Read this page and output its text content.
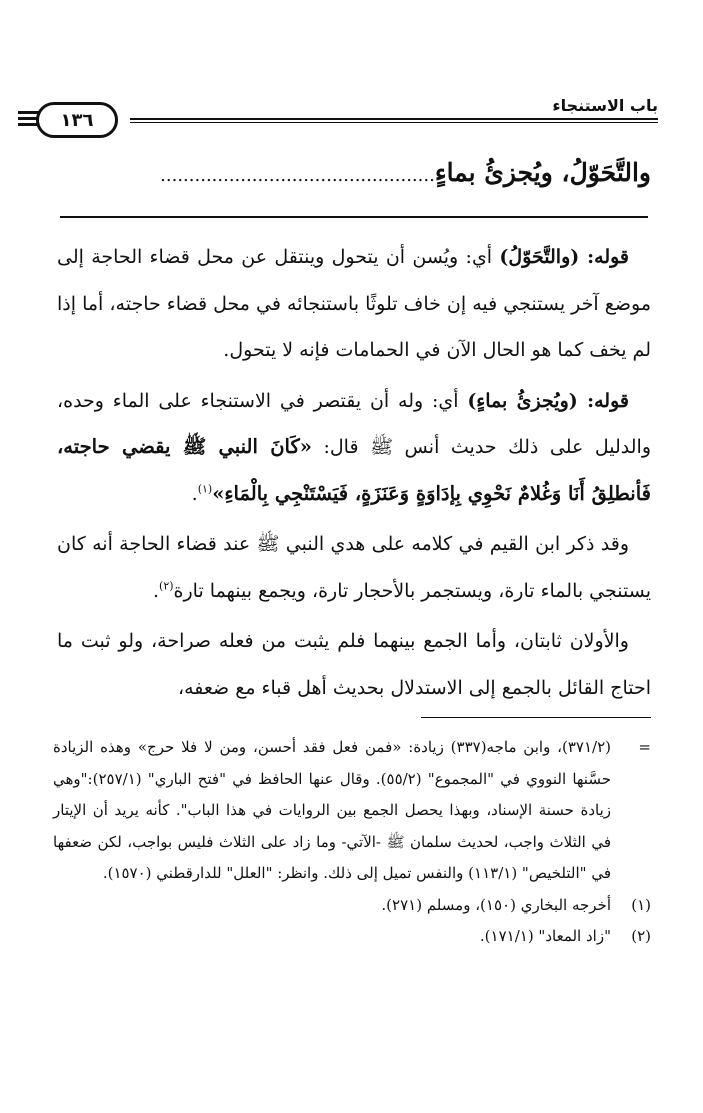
١٣٦
باب الاستنجاء
والتَّحَوّلُ، ويُجزئُ بماءٍ................................................

قوله: (والتَّحَوّلُ) أي: ويُسن أن يتحول وينتقل عن محل قضاء الحاجة إلى موضع آخر يستنجي فيه إن خاف تلوثًا باستنجائه في محل قضاء حاجته، أما إذا لم يخف كما هو الحال الآن في الحمامات فإنه لا يتحول.

قوله: (ويُجزئُ بماءٍ) أي: وله أن يقتصر في الاستنجاء على الماء وحده، والدليل على ذلك حديث أنس ﷺ قال: «كَانَ النبي ﷺ يقضي حاجته، فَأنطلِقُ أَنَا وَغُلامٌ نَحْوِي بِإدَاوَةٍ وَعَنَزَةٍ، فَيَسْتَنْجِي بِالْمَاءِ»$^{(١)}$.

وقد ذكر ابن القيم في كلامه على هدي النبي ﷺ عند قضاء الحاجة أنه كان يستنجي بالماء تارة، ويستجمر بالأحجار تارة، ويجمع بينهما تارة$^{(٢)}$.

والأولان ثابتان، وأما الجمع بينهما فلم يثبت من فعله صراحة، ولو ثبت ما احتاج القائل بالجمع إلى الاستدلال بحديث أهل قباء مع ضعفه،

=
(٣٧١/٢)، وابن ماجه(٣٣٧) زيادة: «فمن فعل فقد أحسن، ومن لا فلا حرج» وهذه الزيادة حسَّنها النووي في "المجموع" (٥٥/٢). وقال عنها الحافظ في "فتح الباري" (٢٥٧/١):"وهي زيادة حسنة الإسناد، وبهذا يحصل الجمع بين الروايات في هذا الباب". كأنه يريد أن الإيتار في الثلاث واجب، لحديث سلمان ﷺ -الآتي- وما زاد على الثلاث فليس بواجب، لكن ضعفها في "التلخيص" (١١٣/١) والنفس تميل إلى ذلك. وانظر: "العلل" للدارقطني (١٥٧٠).

(١)
أخرجه البخاري (١٥٠)، ومسلم (٢٧١).

(٢)
"زاد المعاد" (١٧١/١).
